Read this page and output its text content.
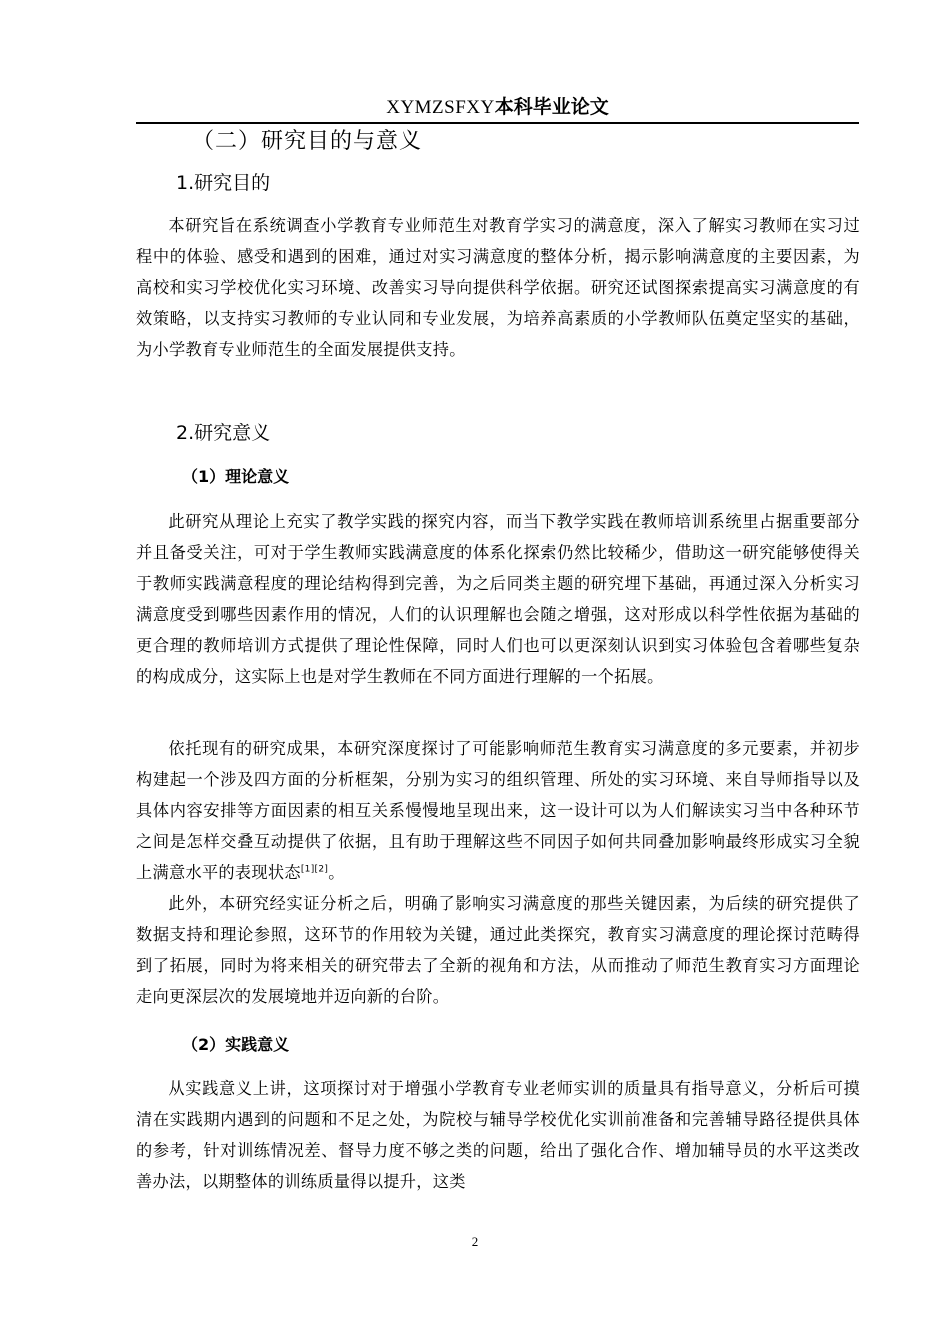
XYMZSFXY本科毕业论文
（二）研究目的与意义
1.研究目的
本研究旨在系统调查小学教育专业师范生对教育学实习的满意度，深入了解实习教师在实习过程中的体验、感受和遇到的困难，通过对实习满意度的整体分析，揭示影响满意度的主要因素，为高校和实习学校优化实习环境、改善实习导向提供科学依据。研究还试图探索提高实习满意度的有效策略，以支持实习教师的专业认同和专业发展，为培养高素质的小学教师队伍奠定坚实的基础，为小学教育专业师范生的全面发展提供支持。
2.研究意义
（1）理论意义
此研究从理论上充实了教学实践的探究内容，而当下教学实践在教师培训系统里占据重要部分并且备受关注，可对于学生教师实践满意度的体系化探索仍然比较稀少，借助这一研究能够使得关于教师实践满意程度的理论结构得到完善，为之后同类主题的研究埋下基础，再通过深入分析实习满意度受到哪些因素作用的情况，人们的认识理解也会随之增强，这对形成以科学性依据为基础的更合理的教师培训方式提供了理论性保障，同时人们也可以更深刻认识到实习体验包含着哪些复杂的构成成分，这实际上也是对学生教师在不同方面进行理解的一个拓展。
依托现有的研究成果，本研究深度探讨了可能影响师范生教育实习满意度的多元要素，并初步构建起一个涉及四方面的分析框架，分别为实习的组织管理、所处的实习环境、来自导师指导以及具体内容安排等方面因素的相互关系慢慢地呈现出来，这一设计可以为人们解读实习当中各种环节之间是怎样交叠互动提供了依据，且有助于理解这些不同因子如何共同叠加影响最终形成实习全貌上满意水平的表现状态[1][2]。
此外，本研究经实证分析之后，明确了影响实习满意度的那些关键因素，为后续的研究提供了数据支持和理论参照，这环节的作用较为关键，通过此类探究，教育实习满意度的理论探讨范畴得到了拓展，同时为将来相关的研究带去了全新的视角和方法，从而推动了师范生教育实习方面理论走向更深层次的发展境地并迈向新的台阶。
（2）实践意义
从实践意义上讲，这项探讨对于增强小学教育专业老师实训的质量具有指导意义，分析后可摸清在实践期内遇到的问题和不足之处，为院校与辅导学校优化实训前准备和完善辅导路径提供具体的参考，针对训练情况差、督导力度不够之类的问题，给出了强化合作、增加辅导员的水平这类改善办法，以期整体的训练质量得以提升，这类
2
